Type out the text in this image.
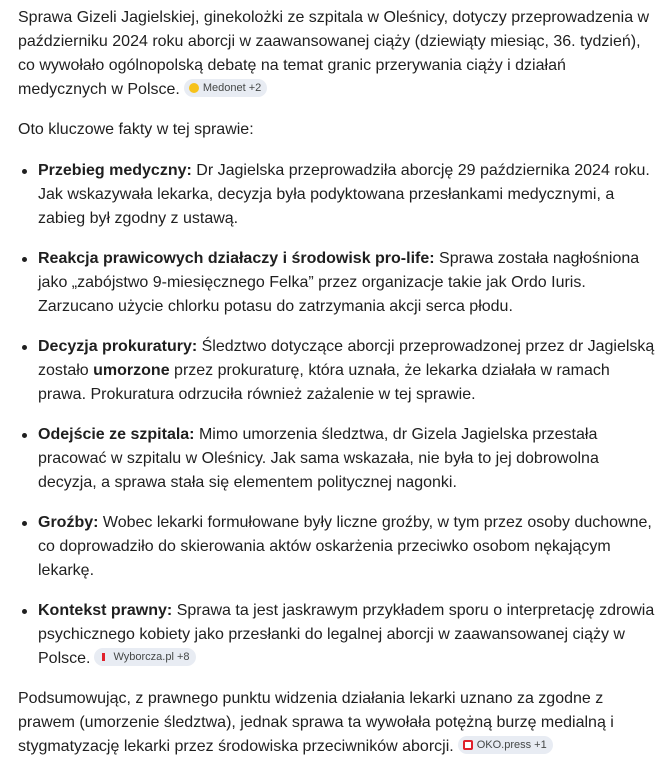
Sprawa Gizeli Jagielskiej, ginekolożki ze szpitala w Oleśnicy, dotyczy przeprowadzenia w październiku 2024 roku aborcji w zaawansowanej ciąży (dziewiąty miesiąc, 36. tydzień), co wywołało ogólnopolską debatę na temat granic przerywania ciąży i działań medycznych w Polsce. Medonet +2

Oto kluczowe fakty w tej sprawie:

Przebieg medyczny: Dr Jagielska przeprowadziła aborcję 29 października 2024 roku. Jak wskazywała lekarka, decyzja była podyktowana przesłankami medycznymi, a zabieg był zgodny z ustawą.
Reakcja prawicowych działaczy i środowisk pro-life: Sprawa została nagłośniona jako „zabójstwo 9-miesięcznego Felka” przez organizacje takie jak Ordo Iuris. Zarzucano użycie chlorku potasu do zatrzymania akcji serca płodu.
Decyzja prokuratury: Śledztwo dotyczące aborcji przeprowadzonej przez dr Jagielską zostało umorzone przez prokuraturę, która uznała, że lekarka działała w ramach prawa. Prokuratura odrzuciła również zażalenie w tej sprawie.
Odejście ze szpitala: Mimo umorzenia śledztwa, dr Gizela Jagielska przestała pracować w szpitalu w Oleśnicy. Jak sama wskazała, nie była to jej dobrowolna decyzja, a sprawa stała się elementem politycznej nagonki.
Groźby: Wobec lekarki formułowane były liczne groźby, w tym przez osoby duchowne, co doprowadziło do skierowania aktów oskarżenia przeciwko osobom nękającym lekarkę.
Kontekst prawny: Sprawa ta jest jaskrawym przykładem sporu o interpretację zdrowia psychicznego kobiety jako przesłanki do legalnej aborcji w zaawansowanej ciąży w Polsce. Wyborcza.pl +8

Podsumowując, z prawnego punktu widzenia działania lekarki uznano za zgodne z prawem (umorzenie śledztwa), jednak sprawa ta wywołała potężną burzę medialną i stygmatyzację lekarki przez środowiska przeciwników aborcji. OKO.press +1
